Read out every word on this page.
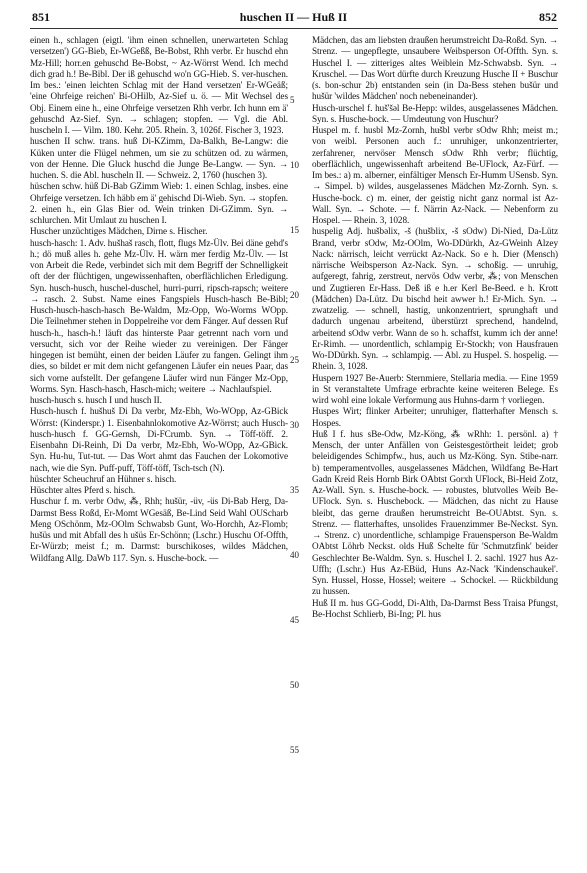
851	huschen II — Huß II	852

einen h., schlagen (eigtl. 'ihm einen schnellen, unerwarteten Schlag versetzen') GG-Bieb, Er-WGeßß, Be-Bobst, Rhh verbr. Er huschd ehn Mz-Hill; horr.en gehuschd Be-Bobst, ~ Az-Wörrst Wend. Ich mechd dich grad h.! Be-Bibl. Der iß gehuschd wo'n GG-Hieb. S. ver-huschen. Im bes.: 'einen leichten Schlag mit der Hand versetzen' Er-WGeäß; 'eine Ohrfeige reichen' Bi-OHilb, Az-Sief u. ö. — Mit Wechsel des Obj. Einem eine h., eine Ohrfeige versetzen Rhh verbr. Ich hunn em ä' gehuschd Az-Sief. Syn. → schlagen; stopfen. — Vgl. die Abl. huscheln I. — Vilm. 180. Kehr. 205. Rhein. 3, 1026f. Fischer 3, 1923.

huschen II schw. trans. huß Di-KZimm, Da-Balkh, Be-Langw: die Küken unter die Flügel nehmen, um sie zu schützen od. zu wärmen, von der Henne. Die Gluck huschd die Junge Be-Langw. — Syn. → huchen. S. die Abl. huscheln II. — Schweiz. 2, 1760 (huschen 3).

hüschen schw. hüß Di-Bab GZimm Wieb: 1. einen Schlag, insbes. eine Ohrfeige versetzen. Ich häbb em ä' gehischd Di-Wieb. Syn. → stopfen. 2. einen h., ein Glas Bier od. Wein trinken Di-GZimm. Syn. → schlurchen. Mit Umlaut zu huschen I.

Huscher unzüchtiges Mädchen, Dirne s. Hischer.

husch-hasch: 1. Adv. hušhaš rasch, flott, flugs Mz-Ülv. Bei däne gehd's h.; dö muß alles h. gehe Mz-Ülv. H. wärn mer ferdig Mz-Ülv. — Ist von Arbeit die Rede, verbindet sich mit dem Begriff der Schnelligkeit oft der der flüchtigen, ungewissenhaften, oberflächlichen Erledigung. Syn. husch-husch, huschel-duschel, hurri-purri, ripsch-rapsch; weitere → rasch. 2. Subst. Name eines Fangspiels Husch-hasch Be-Bibl; Husch-husch-hasch-hasch Be-Waldm, Mz-Opp, Wo-Worms WOpp. Die Teilnehmer stehen in Doppelreihe vor dem Fänger. Auf dessen Ruf husch-h., hasch-h.! läuft das hinterste Paar getrennt nach vorn und versucht, sich vor der Reihe wieder zu vereinigen. Der Fänger hingegen ist bemüht, einen der beiden Läufer zu fangen. Gelingt ihm dies, so bildet er mit dem nicht gefangenen Läufer ein neues Paar, das sich vorne aufstellt. Der gefangene Läufer wird nun Fänger Mz-Opp, Worms. Syn. Hasch-hasch, Hasch-mich; weitere → Nachlaufspiel.

husch-husch s. husch I und husch II.

Husch-husch f. hušhuš Di Da verbr, Mz-Ebh, Wo-WOpp, Az-GBick Wörrst: (Kinderspr.) 1. Eisenbahnlokomotive Az-Wörrst; auch Husch-husch-husch f. GG-Gernsh, Di-FCrumb. Syn. → Töff-töff. 2. Eisenbahn Di-Reinh, Di Da verbr, Mz-Ebh, Wo-WOpp, Az-GBick. Syn. Hu-hu, Tut-tut. — Das Wort ahmt das Fauchen der Lokomotive nach, wie die Syn. Puff-puff, Töff-töff, Tsch-tsch (N).

hüschter Scheuchruf an Hühner s. hisch.

Hüschter altes Pferd s. hisch.

Huschur f. m. verbr Odw, ⁂, Rhh; hušür, -üv, -üs Di-Bab Herg, Da-Darmst Bess Roßd, Er-Momt WGesäß, Be-Lind Seid Wahl OUScharb Meng OSchönm, Mz-OOlm Schwabsb Gunt, Wo-Horchh, Az-Flomb; hušüs und mit Abfall des h ušüs Er-Schönn; (Lschr.) Huschu Of-Offth, Er-Würzb; meist f.; m. Darmst: burschikoses, wildes Mädchen, Wildfang Allg. DaWb 117. Syn. s. Husche-bock. —

5
10
15
20
25
30
35
40
45
50
55

Mädchen, das am liebsten draußen herumstreicht Da-Roßd. Syn. → Strenz. — ungepflegte, unsaubere Weibsperson Of-Offth. Syn. s. Huschel I. — zitteriges altes Weiblein Mz-Schwabsb. Syn. → Kruschel. — Das Wort dürfte durch Kreuzung Husche II + Buschur (s. bon-schur 2b) entstanden sein (in Da-Bess stehen bušür und hušür 'wildes Mädchen' noch nebeneinander).

Husch-urschel f. huš'šəl Be-Hepp: wildes, ausgelassenes Mädchen. Syn. s. Husche-bock. — Umdeutung von Huschur?

Huspel m. f. husbl Mz-Zornh, hušbl verbr sOdw Rhh; meist m.; von weibl. Personen auch f.: unruhiger, unkonzentrierter, zerfahrener, nervöser Mensch sOdw Rhh verbr; flüchtig, oberflächlich, ungewissenhaft arbeitend Be-UFlock, Az-Fürf. — Im bes.: a) m. alberner, einfältiger Mensch Er-Humm USensb. Syn. → Simpel. b) wildes, ausgelassenes Mädchen Mz-Zornh. Syn. s. Husche-bock. c) m. einer, der geistig nicht ganz normal ist Az-Wall. Syn. → Schote. — f. Närrin Az-Nack. — Nebenform zu Hospel. — Rhein. 3, 1028.

huspelig Adj. hušbəlix, -š (hušblix, -š sOdw) Di-Nied, Da-Lütz Brand, verbr sOdw, Mz-OOlm, Wo-DDürkh, Az-GWeinh Alzey Nack: närrisch, leicht verrückt Az-Nack. So e h. Dier (Mensch) närrische Weibsperson Az-Nack. Syn. → schoßig. — unruhig, aufgeregt, fahrig, zerstreut, nervös Odw verbr, ⁂; von Menschen und Zugtieren Er-Hass. Deß iß e h.er Kerl Be-Beed. e h. Krott (Mädchen) Da-Lütz. Du bischd heit awwer h.! Er-Mich. Syn. → zwatzelig. — schnell, hastig, unkonzentriert, sprunghaft und dadurch ungenau arbeitend, überstürzt sprechend, handelnd, arbeitend sOdw verbr. Wann de so h. schaffst, kumm ich der anne! Er-Rimh. — unordentlich, schlampig Er-Stockh; von Hausfrauen Wo-DDürkh. Syn. → schlampig. — Abl. zu Huspel. S. hospelig. — Rhein. 3, 1028.

Huspern 1927 Be-Auerb: Sternmiere, Stellaria media. — Eine 1959 in St veranstaltete Umfrage erbrachte keine weiteren Belege. Es wird wohl eine lokale Verformung aus Huhns-darm † vorliegen.

Huspes Wirt; flinker Arbeiter; unruhiger, flatterhafter Mensch s. Hospes.

Huß I f. hus sBe-Odw, Mz-Köng, ⁂ wRhh: 1. persönl. a) † Mensch, der unter Anfällen von Geistesgestörtheit leidet; grob beleidigendes Schimpfw., hus, auch us Mz-Köng. Syn. Stibe-narr. b) temperamentvolles, ausgelassenes Mädchen, Wildfang Be-Hart Gadn Kreid Reis Hornb Birk OAbtst Gorxh UFlock, Bi-Heid Zotz, Az-Wall. Syn. s. Husche-bock. — robustes, blutvolles Weib Be-UFlock. Syn. s. Huschebock. — Mädchen, das nicht zu Hause bleibt, das gerne draußen herumstreicht Be-OUAbtst. Syn. s. Strenz. — flatterhaftes, unsolides Frauenzimmer Be-Neckst. Syn. → Strenz. c) unordentliche, schlampige Frauensperson Be-Waldm OAbtst Löhrb Neckst. olds Huß Schelte für 'Schmutzfink' beider Geschlechter Be-Waldm. Syn. s. Huschel I. 2. sachl. 1927 hus Az-Uffh; (Lschr.) Hus Az-EBüd, Huns Az-Nack 'Kindenschaukel'. Syn. Hussel, Hosse, Hossel; weitere → Schockel. — Rückbildung zu hussen.

Huß II m. hus GG-Godd, Di-Alth, Da-Darmst Bess Traisa Pfungst, Be-Hochst Schlierb, Bi-Ing; Pl. hus
